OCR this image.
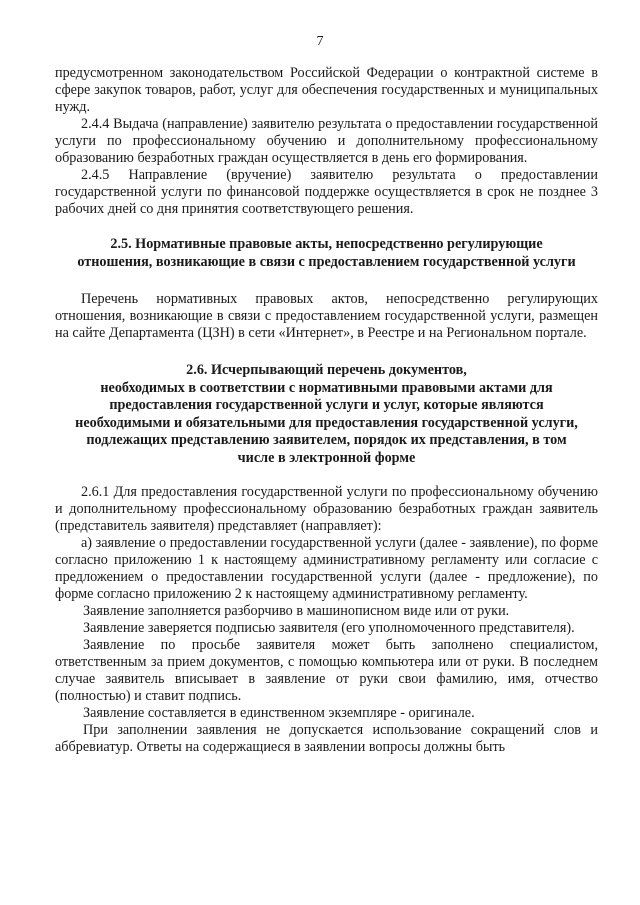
7

предусмотренном законодательством Российской Федерации о контрактной системе в сфере закупок товаров, работ, услуг для обеспечения государственных и муниципальных нужд.

2.4.4 Выдача (направление) заявителю результата о предоставлении государственной услуги по профессиональному обучению и дополнительному профессиональному образованию безработных граждан осуществляется в день его формирования.

2.4.5 Направление (вручение) заявителю результата о предоставлении государственной услуги по финансовой поддержке осуществляется в срок не позднее 3 рабочих дней со дня принятия соответствующего решения.

2.5. Нормативные правовые акты, непосредственно регулирующие

отношения, возникающие в связи с предоставлением государственной услуги

Перечень нормативных правовых актов, непосредственно регулирующих отношения, возникающие в связи с предоставлением государственной услуги, размещен на сайте Департамента (ЦЗН) в сети «Интернет», в Реестре и на Региональном портале.

2.6. Исчерпывающий перечень документов,

необходимых в соответствии с нормативными правовыми актами для

предоставления государственной услуги и услуг, которые являются

необходимыми и обязательными для предоставления государственной услуги,

подлежащих представлению заявителем, порядок их представления, в том

числе в электронной форме

2.6.1 Для предоставления государственной услуги по профессиональному обучению и дополнительному профессиональному образованию безработных граждан заявитель (представитель заявителя) представляет (направляет):

а) заявление о предоставлении государственной услуги (далее - заявление), по форме согласно приложению 1 к настоящему административному регламенту или согласие с предложением о предоставлении государственной услуги (далее - предложение), по форме согласно приложению 2 к настоящему административному регламенту.

Заявление заполняется разборчиво в машинописном виде или от руки.

Заявление заверяется подписью заявителя (его уполномоченного представителя).

Заявление по просьбе заявителя может быть заполнено специалистом, ответственным за прием документов, с помощью компьютера или от руки. В последнем случае заявитель вписывает в заявление от руки свои фамилию, имя, отчество (полностью) и ставит подпись.

Заявление составляется в единственном экземпляре - оригинале.

При заполнении заявления не допускается использование сокращений слов и аббревиатур. Ответы на содержащиеся в заявлении вопросы должны быть
